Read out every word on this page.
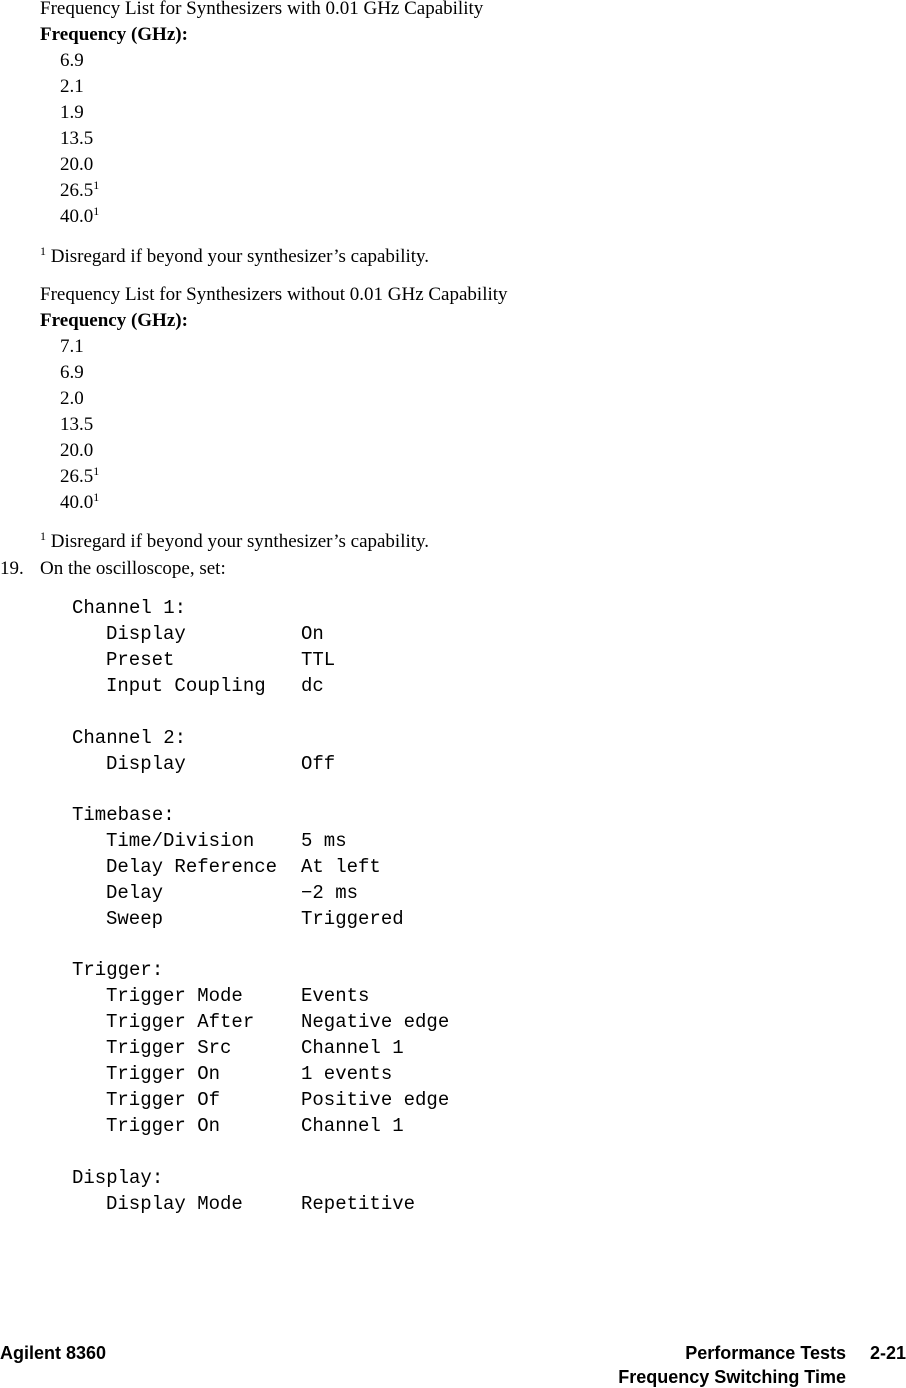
Frequency List for Synthesizers with 0.01 GHz Capability
Frequency (GHz):
6.9
2.1
1.9
13.5
20.0
26.5$^1$
40.0$^1$
$^1$ Disregard if beyond your synthesizer’s capability.
Frequency List for Synthesizers without 0.01 GHz Capability
Frequency (GHz):
7.1
6.9
2.0
13.5
20.0
26.5$^1$
40.0$^1$
$^1$ Disregard if beyond your synthesizer’s capability.
19. On the oscilloscope, set:
Channel 1:
Display	On
Preset	TTL
Input Coupling dc
Channel 2:
Display	Off
Timebase:
Time/Division 5 ms
Delay Reference At left
Delay	−2 ms
Sweep	Triggered
Trigger:
Trigger Mode	Events
Trigger After Negative edge
Trigger Src	Channel 1
Trigger On	1 events
Trigger Of	Positive edge
Trigger On	Channel 1
Display:
Display Mode	Repetitive
Agilent 8360	Performance Tests 2-21
Frequency Switching Time
